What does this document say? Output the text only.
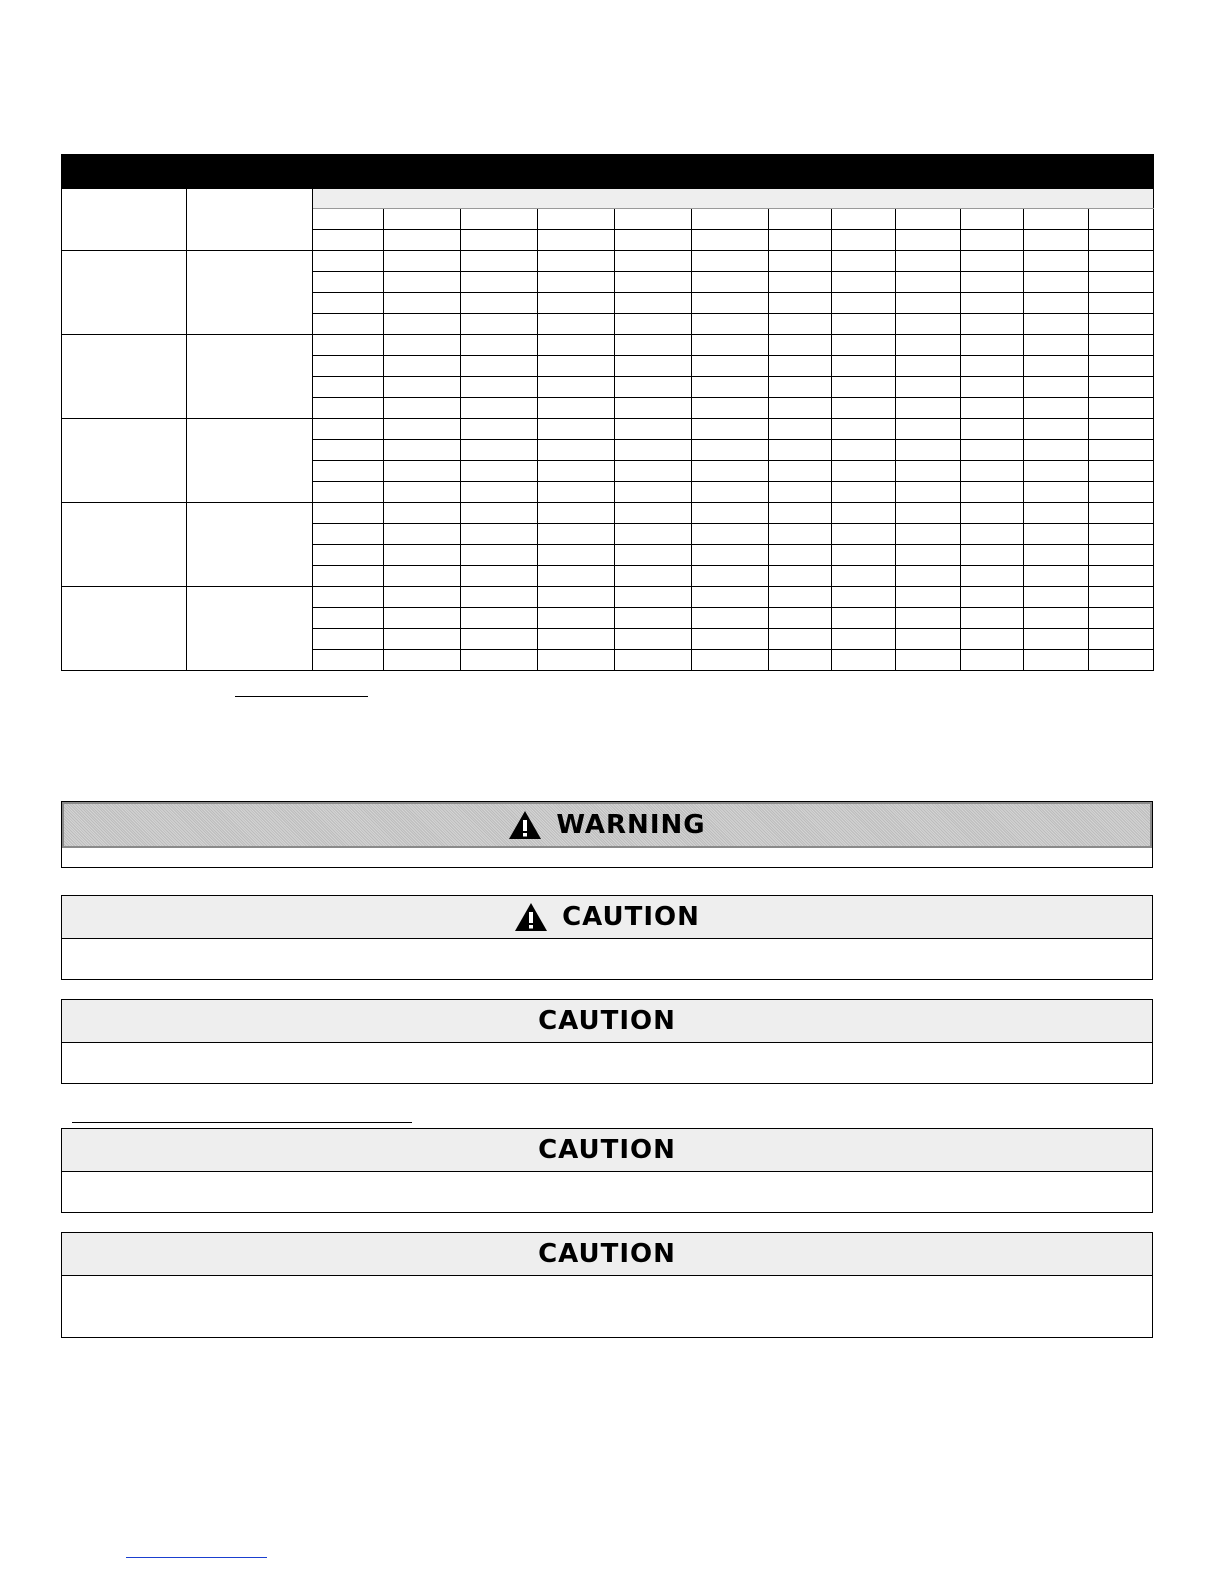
WARNING
CAUTION
CAUTION
CAUTION
CAUTION
